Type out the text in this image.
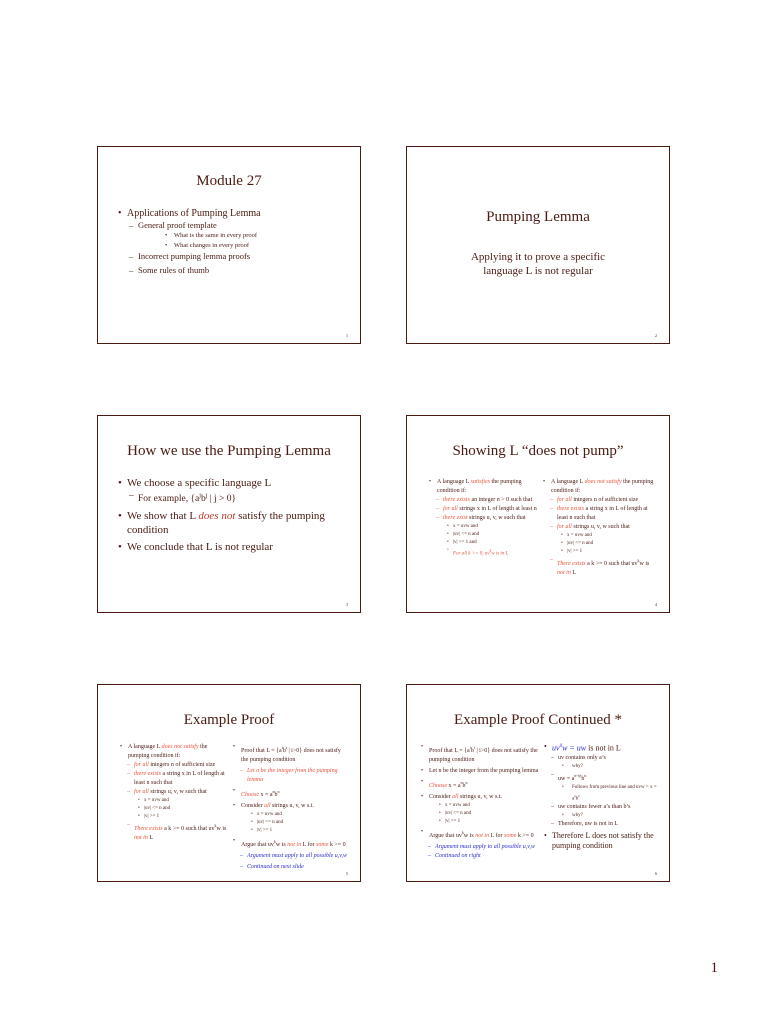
Module 27
• Applications of Pumping Lemma
– General proof template
• What is the same in every proof
• What changes in every proof
– Incorrect pumping lemma proofs
– Some rules of thumb
1
Pumping Lemma
Applying it to prove a specific
language L is not regular
2
How we use the Pumping Lemma
• We choose a specific language L
– For example, {$a^jb^j$ | j > 0}
• We show that L does not satisfy the pumping condition
• We conclude that L is not regular
3
Showing L “does not pump”
• A language L satisfies the pumping condition if:
– there exists an integer n > 0 such that
– for all strings x in L of length at least n
– there exist strings u, v, w such that
• x = uvw and
• |uv| <= n and
• |v| >= 1 and
• For all k >= 0, $uv^kw$ is in L
• A language L does not satisfy the pumping condition if:
– for all integers n of sufficient size
– there exists a string x in L of length at least n such that
– for all strings u, v, w such that
• x = uvw and
• |uv| <= n and
• |v| >= 1
–
There exists a k >= 0 such that $uv^kw$ is not in L
4
Example Proof
• A language L does not satisfy the pumping condition if:
– for all integers n of sufficient size
– there exists a string x in L of length at least n such that
– for all strings u, v, w such that
• x = uvw and
• |uv| <= n and
• |v| >= 1
–
There exists a k >= 0 such that $uv^kw$ is not in L
• Proof that $L = \{a^ib^i$ | i>0} does not satisfy the pumping condition
– Let n be the integer from the pumping lemma
• Choose $x = a^nb^n$
• Consider all strings u, v, w s.t.
• x = uvw and
• |uv| <= n and
• |v| >= 1
• Argue that $uv^kw$ is not in L for some k >= 0
– Argument must apply to all possible u,v,w
– Continued on next slide
5
Example Proof Continued *
• Proof that $L = \{a^ib^i$ | i>0} does not satisfy the pumping condition
• Let n be the integer from the pumping lemma
• Choose $x = a^nb^n$
• Consider all strings u, v, w s.t.
• x = uvw and
• |uv| <= n and
• |v| >= 1
• Argue that $uv^kw$ is not in L for some k >= 0
– Argument must apply to all possible u,v,w
– Continued on right
• $uv^0w$ = uw is not in L
– uv contains only a’s
• why?
–
uw = $a^{n-|v|}b^n$
• Follows from previous line and uvw = $x = a^nb^n$
– uw contains fewer a’s than b’s
• why?
– Therefore, uw is not in L
• Therefore L does not satisfy the pumping condition
6
1
